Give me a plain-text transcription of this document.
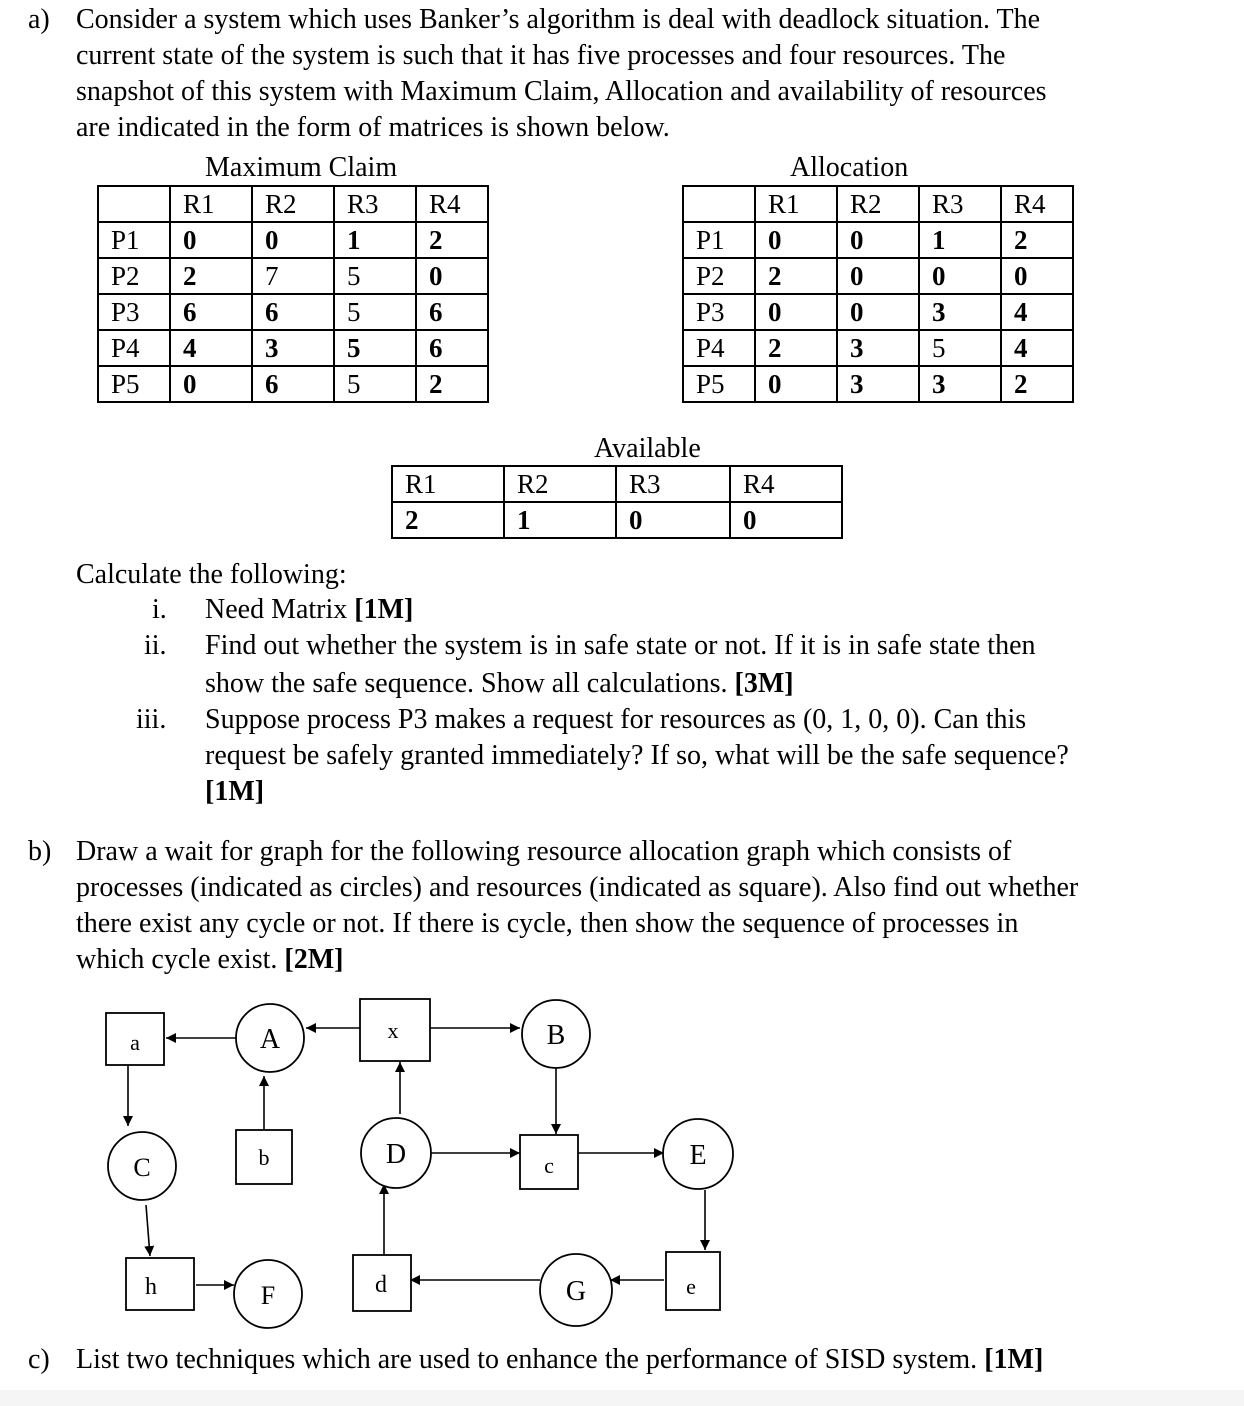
a) Consider a system which uses Banker’s algorithm is deal with deadlock situation. The
current state of the system is such that it has five processes and four resources. The
snapshot of this system with Maximum Claim, Allocation and availability of resources
are indicated in the form of matrices is shown below.
Maximum Claim
	R1	R2	R3	R4
P1	0	0	1	2
P2	2	7	5	0
P3	6	6	5	6
P4	4	3	5	6
P5	0	6	5	2
Allocation
	R1	R2	R3	R4
P1	0	0	1	2
P2	2	0	0	0
P3	0	0	3	4
P4	2	3	5	4
P5	0	3	3	2
Available
R1	R2	R3	R4
2	1	0	0
Calculate the following:
i. Need Matrix [1M]
ii. Find out whether the system is in safe state or not. If it is in safe state then
show the safe sequence. Show all calculations. [3M]
iii. Suppose process P3 makes a request for resources as (0, 1, 0, 0). Can this
request be safely granted immediately? If so, what will be the safe sequence?
[1M]
b) Draw a wait for graph for the following resource allocation graph which consists of
processes (indicated as circles) and resources (indicated as square). Also find out whether
there exist any cycle or not. If there is cycle, then show the sequence of processes in
which cycle exist. [2M]
a
b
x
c
h	d	e
A	B
C	D	E
F	G
c) List two techniques which are used to enhance the performance of SISD system. [1M]
